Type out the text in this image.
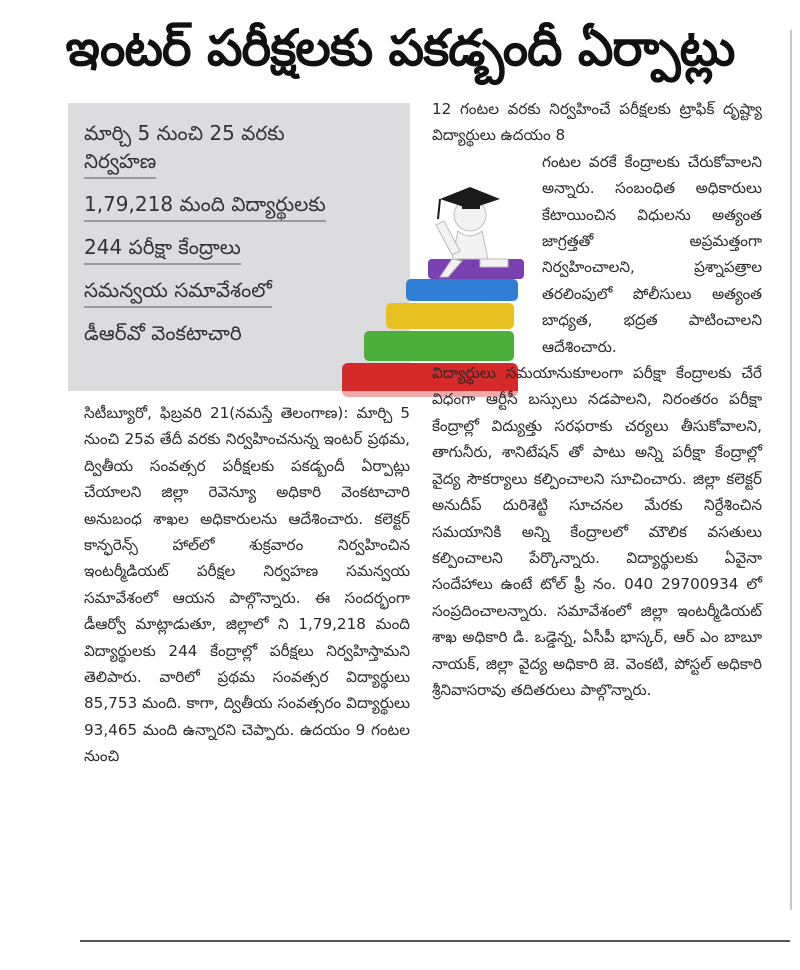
ఇంటర్ పరీక్షలకు పకడ్బందీ ఏర్పాట్లు
మార్చి 5 నుంచి 25 వరకు
నిర్వహణ
1,79,218 మంది విద్యార్థులకు
244 పరీక్షా కేంద్రాలు
సమన్వయ సమావేశంలో
డీఆర్‌వో వెంకటాచారి

సిటీబ్యూరో, ఫిబ్రవరి 21(నమస్తే తెలంగాణ): మార్చి 5 నుంచి 25వ తేదీ వరకు నిర్వహించనున్న ఇంటర్ ప్రథమ, ద్వితీయ సంవత్సర పరీక్షలకు పకడ్బందీ ఏర్పాట్లు చేయాలని జిల్లా రెవెన్యూ అధికారి వెంకటాచారి అనుబంధ శాఖల అధికారులను ఆదేశించారు. కలెక్టర్ కాన్ఫరెన్స్ హాల్‌లో శుక్రవారం నిర్వహించిన ఇంటర్మీడియట్ పరీక్షల నిర్వహణ సమన్వయ సమావేశంలో ఆయన పాల్గొన్నారు. ఈ సందర్భంగా డీఆర్వో మాట్లాడుతూ, జిల్లాలో ని 1,79,218 మంది విద్యార్థులకు 244 కేంద్రాల్లో పరీక్షలు నిర్వహిస్తామని తెలిపారు. వారిలో ప్రథమ సంవత్సర విద్యార్థులు 85,753 మంది. కాగా, ద్వితీయ సంవత్సరం విద్యార్థులు 93,465 మంది ఉన్నారని చెప్పారు. ఉదయం 9 గంటల నుంచి

12 గంటల వరకు నిర్వహించే పరీక్షలకు ట్రాఫిక్ దృష్ట్యా విద్యార్థులు ఉదయం 8

గంటల వరకే కేంద్రాలకు చేరుకోవాలని అన్నారు. సంబంధిత అధికారులు కేటాయించిన విధులను అత్యంత జాగ్రత్తతో అప్రమత్తంగా నిర్వహించాలని, ప్రశ్నాపత్రాల తరలింపులో పోలీసులు అత్యంత బాధ్యత, భద్రత పాటించాలని ఆదేశించారు.

విద్యార్థులు సమయానుకూలంగా పరీక్షా కేంద్రాలకు చేరే విధంగా ఆర్టీసీ బస్సులు నడపాలని, నిరంతరం పరీక్షా కేంద్రాల్లో విద్యుత్తు సరఫరాకు చర్యలు తీసుకోవాలని, తాగునీరు, శానిటేషన్ తో పాటు అన్ని పరీక్షా కేంద్రాల్లో వైద్య సౌకర్యాలు కల్పించాలని సూచించారు. జిల్లా కలెక్టర్ అనుదీప్ దురిశెట్టి సూచనల మేరకు నిర్దేశించిన సమయానికి అన్ని కేంద్రాలలో మౌలిక వసతులు కల్పించాలని పేర్కొన్నారు. విద్యార్థులకు ఏవైనా సందేహాలు ఉంటే టోల్ ఫ్రీ నం. 040 29700934 లో సంప్రదించాలన్నారు. సమావేశంలో జిల్లా ఇంటర్మీడియట్ శాఖ అధికారి డి. ఒడ్డెన్న, ఏసీపీ భాస్కర్, ఆర్ ఎం బాబూ నాయక్, జిల్లా వైద్య అధికారి జె. వెంకటి, పోస్టల్ అధికారి శ్రీనివాసరావు తదితరులు పాల్గొన్నారు.
